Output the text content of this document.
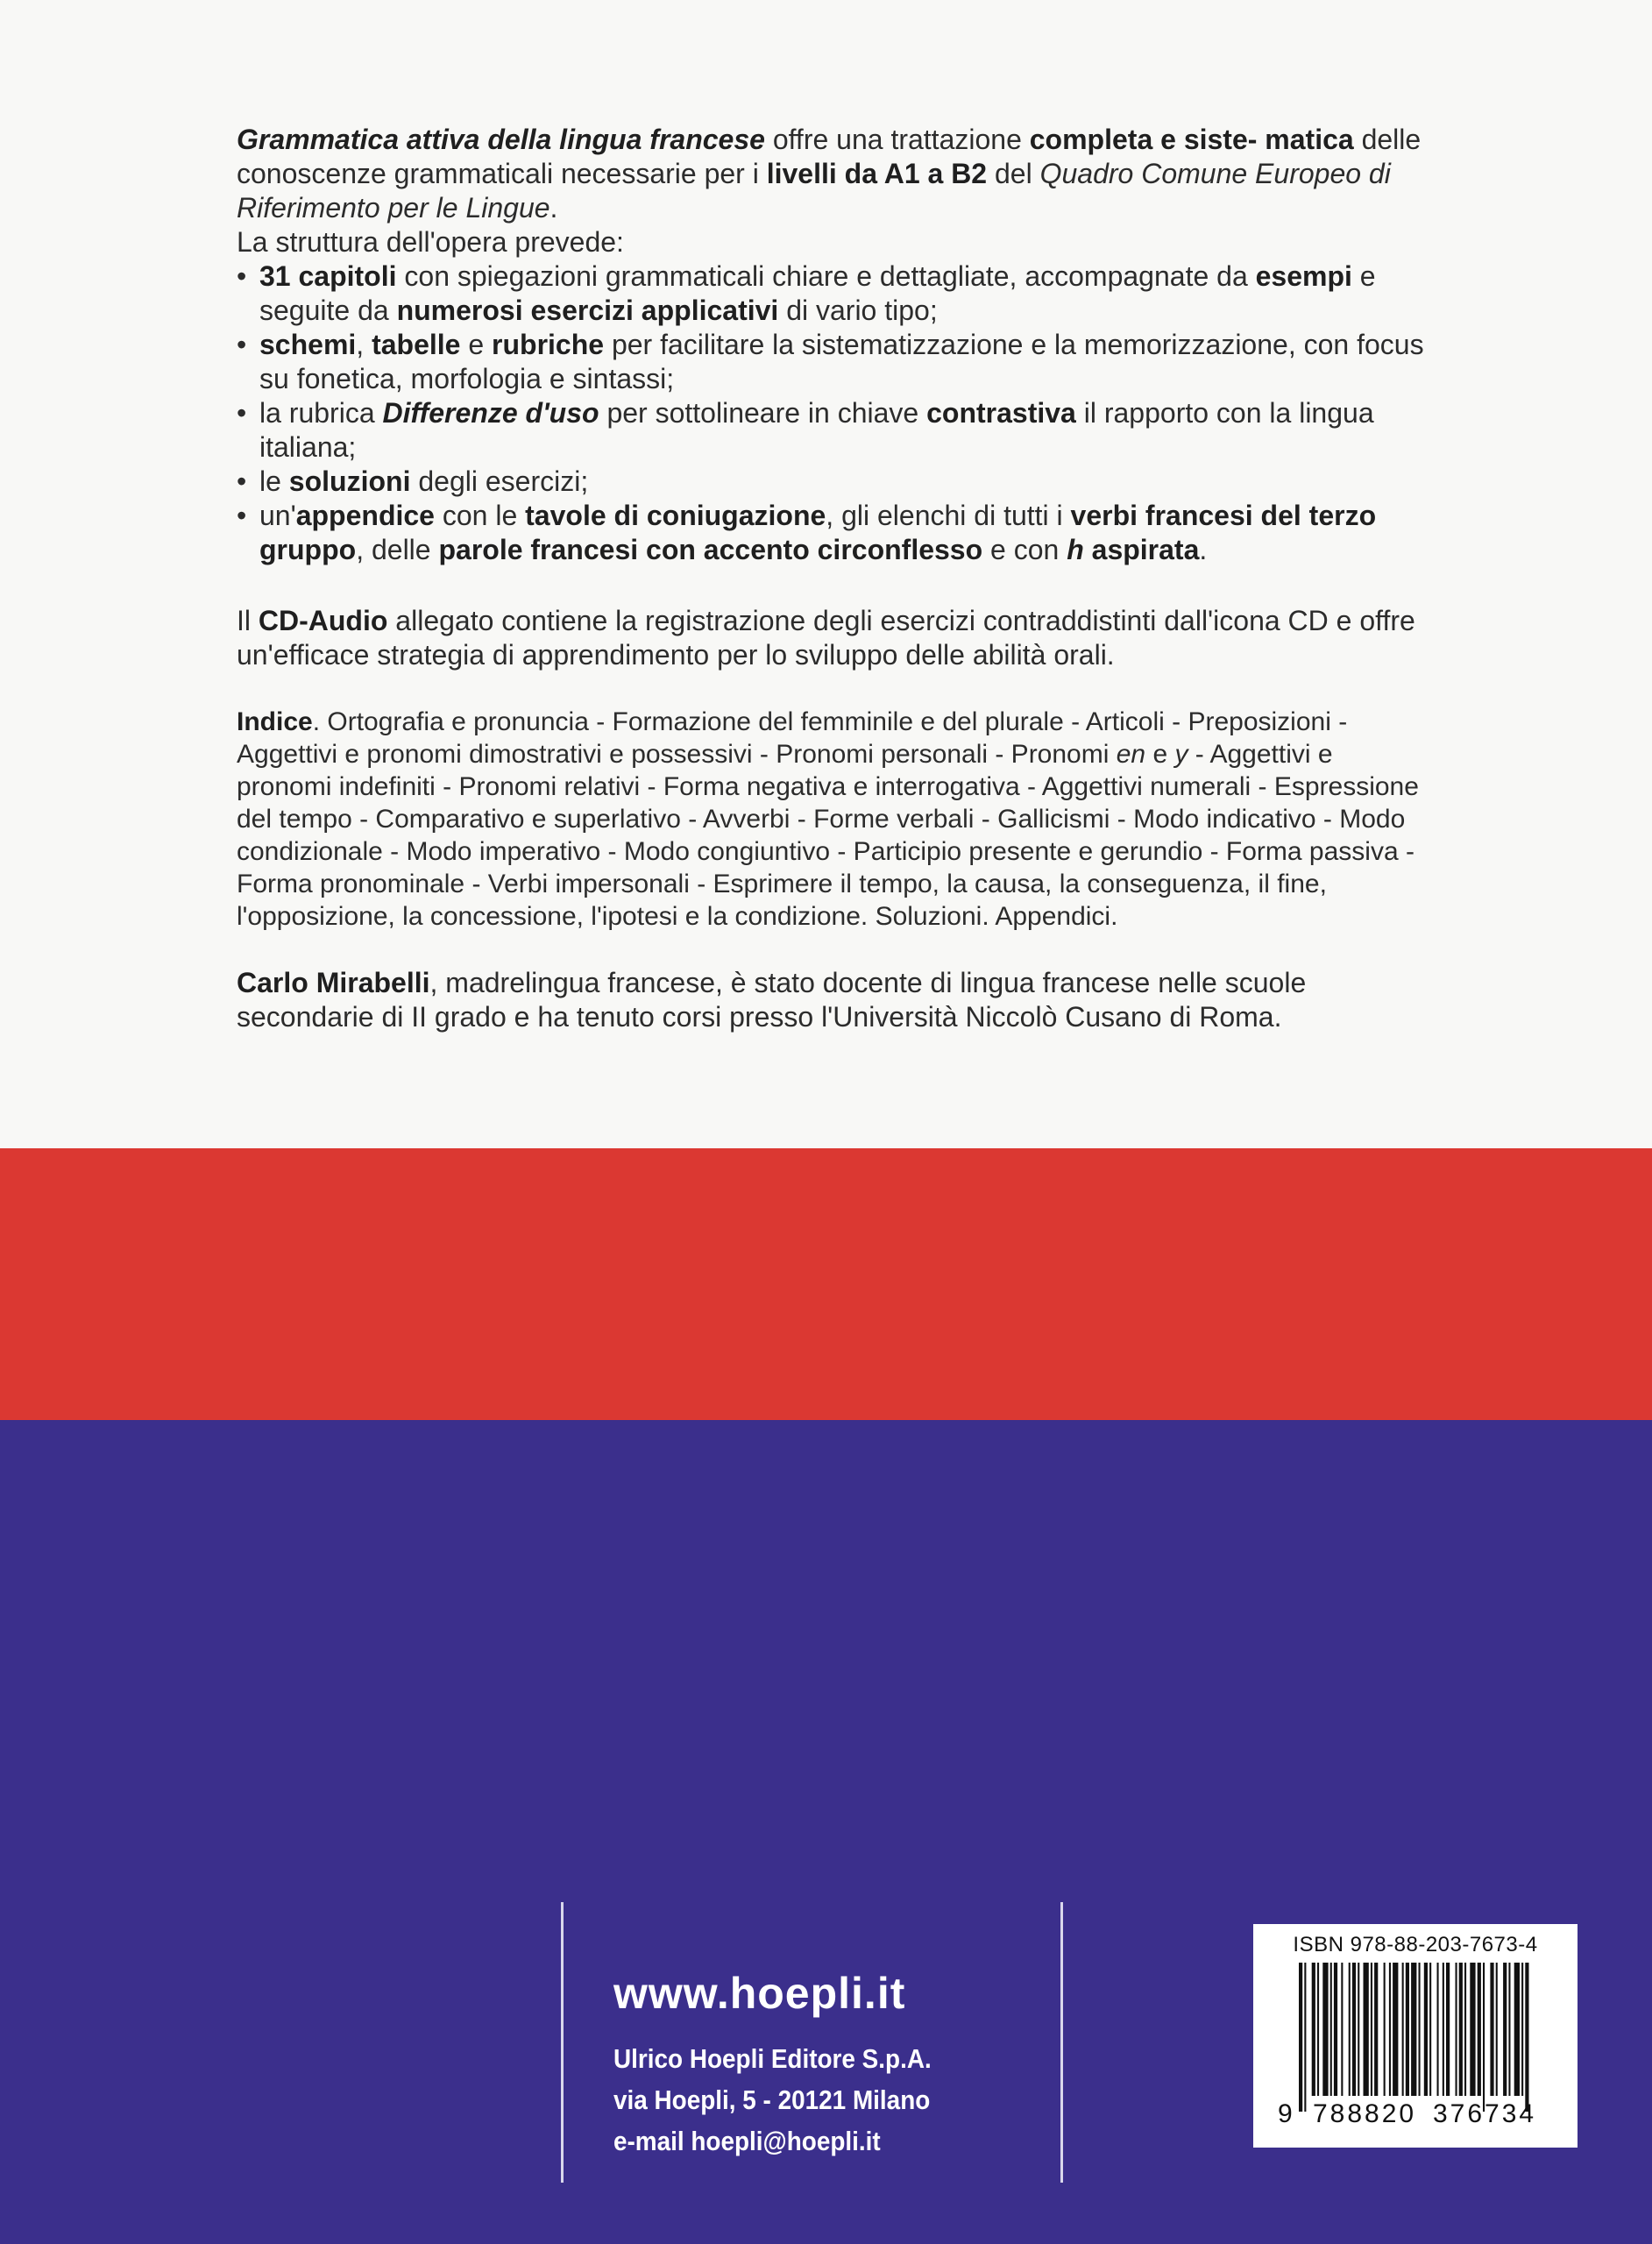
Grammatica attiva della lingua francese offre una trattazione completa e siste- matica delle conoscenze grammaticali necessarie per i livelli da A1 a B2 del Quadro Comune Europeo di Riferimento per le Lingue.

La struttura dell'opera prevede:

• 31 capitoli con spiegazioni grammaticali chiare e dettagliate, accompagnate da esempi e seguite da numerosi esercizi applicativi di vario tipo;
• schemi, tabelle e rubriche per facilitare la sistematizzazione e la memorizzazione, con focus su fonetica, morfologia e sintassi;
• la rubrica Differenze d'uso per sottolineare in chiave contrastiva il rapporto con la lingua italiana;
• le soluzioni degli esercizi;
• un'appendice con le tavole di coniugazione, gli elenchi di tutti i verbi francesi del terzo gruppo, delle parole francesi con accento circonflesso e con h aspirata.

Il CD-Audio allegato contiene la registrazione degli esercizi contraddistinti dall'icona CD e offre un'efficace strategia di apprendimento per lo sviluppo delle abilità orali.

Indice. Ortografia e pronuncia - Formazione del femminile e del plurale - Articoli - Preposizioni - Aggettivi e pronomi dimostrativi e possessivi - Pronomi personali - Pronomi en e y - Aggettivi e pronomi indefiniti - Pronomi relativi - Forma negativa e interrogativa - Aggettivi numerali - Espressione del tempo - Comparativo e superlativo - Avverbi - Forme verbali - Gallicismi - Modo indicativo - Modo condizionale - Modo imperativo - Modo congiuntivo - Participio presente e gerundio - Forma passiva - Forma pronominale - Verbi impersonali - Esprimere il tempo, la causa, la conseguenza, il fine, l'opposizione, la concessione, l'ipotesi e la condizione. Soluzioni. Appendici.

Carlo Mirabelli, madrelingua francese, è stato docente di lingua francese nelle scuole secondarie di II grado e ha tenuto corsi presso l'Università Niccolò Cusano di Roma.

www.hoepli.it
Ulrico Hoepli Editore S.p.A.
via Hoepli, 5 - 20121 Milano
e-mail hoepli@hoepli.it
ISBN 978-88-203-7673-4
9 788820 376734
